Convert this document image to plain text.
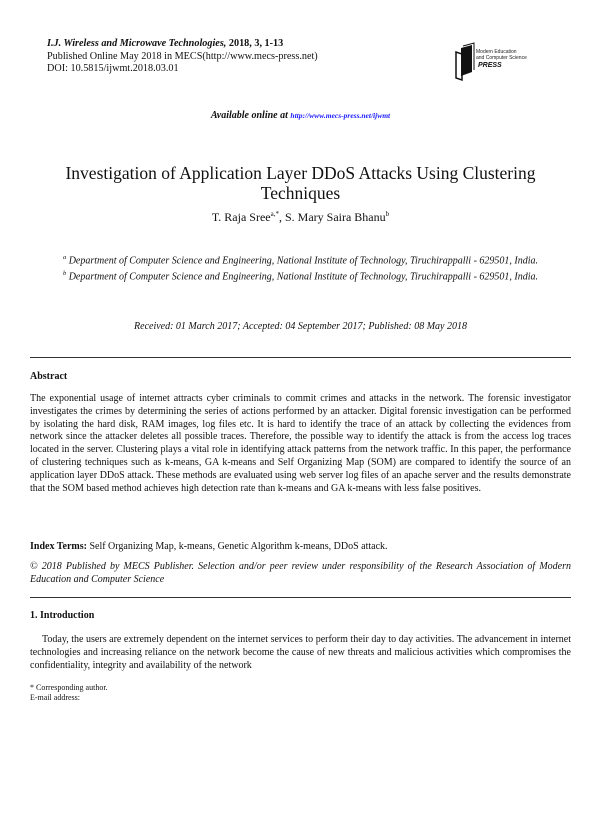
I.J. Wireless and Microwave Technologies, 2018, 3, 1-13
Published Online May 2018 in MECS(http://www.mecs-press.net)
DOI: 10.5815/ijwmt.2018.03.01
Modern Education
and Computer Science
PRESS
Available online at http://www.mecs-press.net/ijwmt
Investigation of Application Layer DDoS Attacks Using Clustering Techniques
T. Raja Sree$^{a,*}$, S. Mary Saira Bhanu$^b$
$^a$ Department of Computer Science and Engineering, National Institute of Technology, Tiruchirappalli - 629501, India.
$^b$ Department of Computer Science and Engineering, National Institute of Technology, Tiruchirappalli - 629501, India.
Received: 01 March 2017; Accepted: 04 September 2017; Published: 08 May 2018
Abstract
The exponential usage of internet attracts cyber criminals to commit crimes and attacks in the network. The forensic investigator investigates the crimes by determining the series of actions performed by an attacker. Digital forensic investigation can be performed by isolating the hard disk, RAM images, log files etc. It is hard to identify the trace of an attack by collecting the evidences from network since the attacker deletes all possible traces. Therefore, the possible way to identify the attack is from the access log traces located in the server. Clustering plays a vital role in identifying attack patterns from the network traffic. In this paper, the performance of clustering techniques such as k-means, GA k-means and Self Organizing Map (SOM) are compared to identify the source of an application layer DDoS attack. These methods are evaluated using web server log files of an apache server and the results demonstrate that the SOM based method achieves high detection rate than k-means and GA k-means with less false positives.
Index Terms: Self Organizing Map, k-means, Genetic Algorithm k-means, DDoS attack.
© 2018 Published by MECS Publisher. Selection and/or peer review under responsibility of the Research Association of Modern Education and Computer Science
1. Introduction
Today, the users are extremely dependent on the internet services to perform their day to day activities. The advancement in internet technologies and increasing reliance on the network become the cause of new threats and malicious activities which compromises the confidentiality, integrity and availability of the network
* Corresponding author.
E-mail address:
